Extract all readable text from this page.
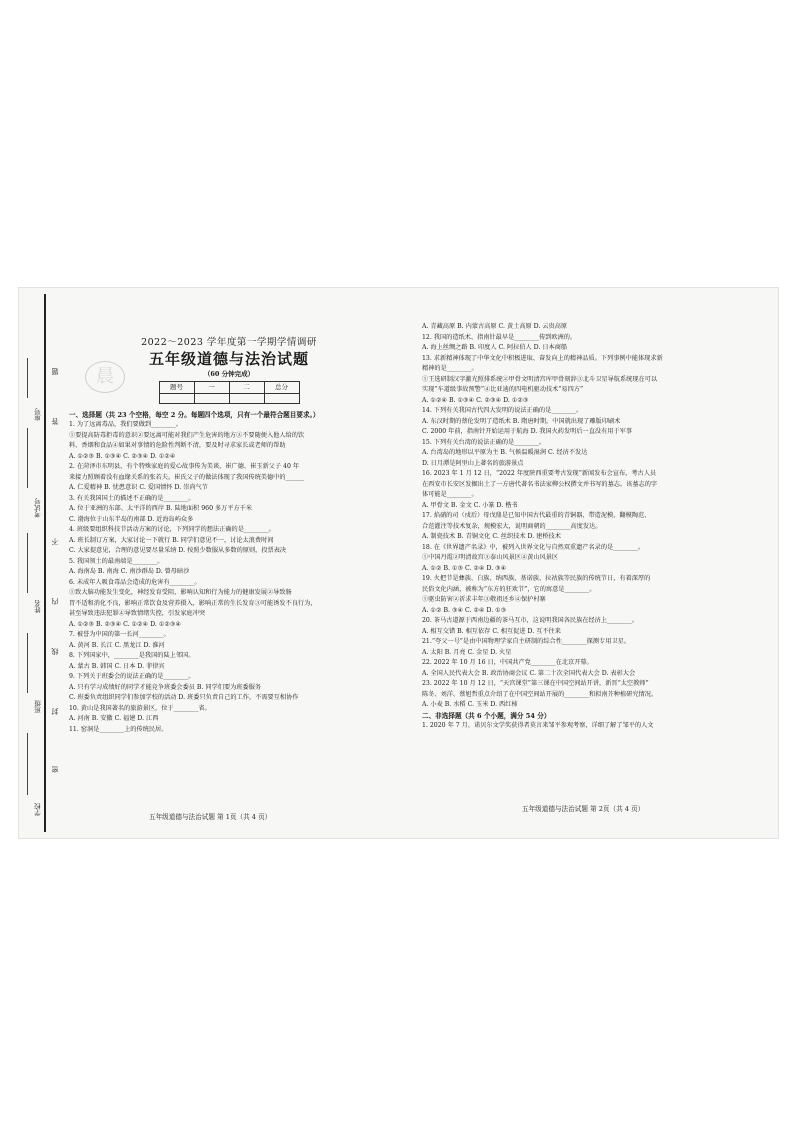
座号
考试号
姓名
班级
学校
题
答
不
内
线
封
密
晨

2022～2023 学年度第一学期学情调研

五年级道德与法治试题

（60 分钟完成）

题号	一	二	总分

一、选择题（共 23 个空格，每空 2 分。每题四个选项，只有一个最符合题目要求。）

1. 为了远离毒品，我们要做到________。

①要提高防毒拒毒的意识②要远离可能对我们产生危害的地方③不要随便入他人给的饮

料、香烟和食品④如果对事情的危险性判断不清，要及时寻求家长或老师的帮助

A. ①②③ B. ①③④ C. ②③④ D. ①②④

2. 在菏泽市东明县，有个特殊家庭的爱心故事传为美谈，崔广德、崔玉新父子 40 年

来接力照顾着没有血缘关系的张若夫。崔氏父子的做法体现了我国传统美德中的______

A. 仁爱精神 B. 忧患意识 C. 爱国情怀 D. 崇尚气节

3. 有关我国国土的描述不正确的是________。

A. 位于亚洲的东部、太平洋的西岸 B. 陆地面积 960 多万平方千米

C. 渤海位于山东半岛的南部 D. 近海岛屿众多

4. 班级要组织科技节活动方案的讨论，下列同学的想法正确的是________。

A. 班长制订方案，大家讨论一下就行 B. 同学们意见不一，讨论太浪费时间

C. 大家提意见，合理的意见要尽量采纳 D. 按照少数服从多数的原则，投票表决

5. 我国领土的最南端是________。

A. 海南岛 B. 南海 C. 南沙群岛 D. 曾母暗沙

6. 未成年人吸食毒品会造成的危害有________。

①致大脑功能发生变化，神经发育受阻，影响认知和行为能力的健康发展②导致肠

胃不适和消化不良，影响正常饮食及营养摄入，影响正常的生长发育③可能诱发不良行为，

甚至导致违法犯罪④导致情绪失控，引发家庭冲突

A. ①②③ B. ②③④ C. ①②④ D. ①②③④

7. 被誉为中国的第一长河________。

A. 黄河 B. 长江 C. 黑龙江 D. 淮河

8. 下列国家中，________是我国的陆上邻国。

A. 蒙古 B. 韩国 C. 日本 D. 菲律宾

9. 下列关于班委会的说法正确的是________。

A. 只有学习成绩好的同学才能竞争班委会委员 B. 同学们要为班委服务

C. 班委负责组织同学们参加学校的活动 D. 班委只负责自己的工作，不需要互相协作

10. 黄山是我国著名的旅游景区，位于________省。

A. 河南 B. 安徽 C. 福建 D. 江西

11. 窑洞是________上的传统民居。

五年级道德与法治试题 第 1页（共 4 页）

A. 青藏高原 B. 内蒙古高原 C. 黄土高原 D. 云贵高原

12. 我国的造纸术、指南针最早是________传到欧洲的。

A. 海上丝绸之路 B. 印度人 C. 阿拉伯人 D. 日本商船

13. 求新精神体现了中华文化中积极进取、奋发向上的精神品质。下列事例中能体现求新

精神的是________。

①王选研制汉字激光照排系统②甲骨文明清宫库甲骨刻辞③北斗卫星导航系统现在可以

实现“车道级事故预警”④比亚迪的四电机驱动技术“易四方”

A. ①②④ B. ①③④ C. ②③④ D. ①②③

14. 下列有关我国古代四大发明的说法正确的是________。

A. 东汉时期的蔡伦发明了造纸术 B. 隋唐时期，中国就出现了雕版印刷术

C. 2000 年前，指南针开始运用于航海 D. 我国火药发明后一直没有用于军事

15. 下列有关台湾的说法正确的是________。

A. 台湾岛的地形以平原为主 B. 气候温暖湿润 C. 经济不发达

D. 日月潭是阿里山上著名的旅游景点

16. 2023 年 1 月 12 日，“2022 年度陕西重要考古发现”新闻发布会宣布，考古人员

在西安市长安区发掘出土了一方唐代著名书法家柳公权撰文并书写的墓志。该墓志的字

体可能是________。

A. 甲骨文 B. 金文 C. 小篆 D. 楷书

17. 焰硝的司（戍后）母戊鼎是已知中国古代最重的青铜器，带造泥模、翻模陶范、

合范灌注等技术复杂，规模宏大，说明商朝的________高度发达。

A. 制瓷技术 B. 青铜文化 C. 丝织技术 D. 建桥技术

18. 在《世界遗产名录》中，被列入世界文化与自然双重遗产名录的是________。

①中国丹霞②明清故宫③泰山风景区④黄山风景区

A. ①② B. ①③ C. ②④ D. ③④

19. 火把节是彝族、白族、纳西族、基诺族、拉祜族等民族的传统节日，有着深厚的

民俗文化内涵，被称为“东方的狂欢节”，它的寓意是________。

①驱虫防害②祈求丰年③敬祖还乡④保护村寨

A. ①② B. ③④ C. ②④ D. ①③

20. 茶马古道源于西南边疆的茶马互市，这说明我国各民族在经济上________。

A. 相互交错 B. 相互依存 C. 相互促进 D. 互不往来

21.“夸父一号”是由中国物理学家自主研制的综合性________探测专用卫星。

A. 太阳 B. 月亮 C. 金星 D. 火星

22. 2022 年 10 月 16 日，中国共产党________在北京开幕。

A. 全国人民代表大会 B. 政治协商会议 C. 第二十次全国代表大会 D. 表彰大会

23. 2022 年 10 月 12 日，“天宫课堂”第三课在中国空间站开讲，新晋“太空教师”

陈冬、刘洋、蔡旭哲重点介绍了在中国空间站开展的________和拟南芥种植研究情况。

A. 小麦 B. 水稻 C. 玉米 D. 西红柿

二、非选择题（共 6 个小题，满分 54 分）

1. 2020 年 7 月，诺贝尔文学奖获得者莫言来邹平参观考察，详细了解了邹平的人文

五年级道德与法治试题 第 2页（共 4 页）
